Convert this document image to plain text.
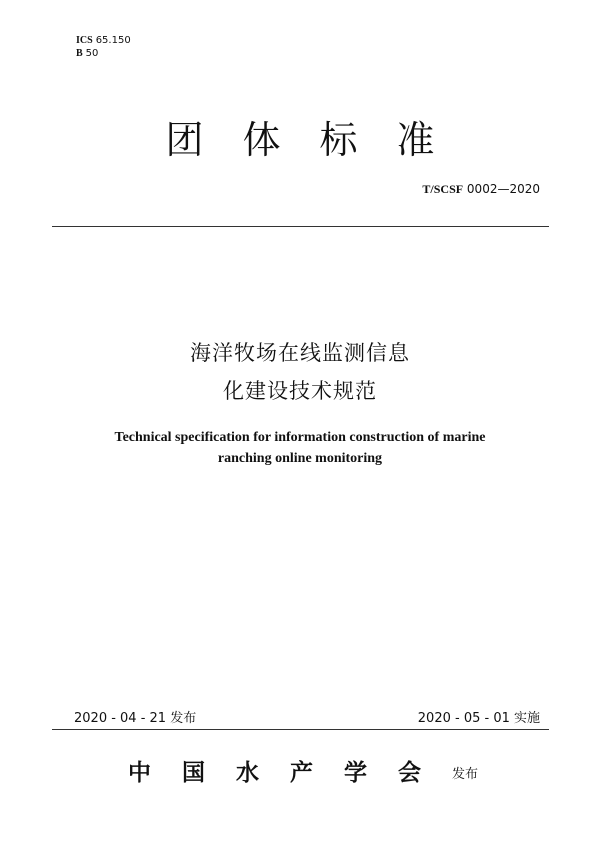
ICS 65.150
B 50
团体标准
T/SCSF 0002—2020
海洋牧场在线监测信息
化建设技术规范
Technical specification for information construction of marine
ranching online monitoring
2020 - 04 - 21 发布	2020 - 05 - 01 实施
中国水产学会 发布
